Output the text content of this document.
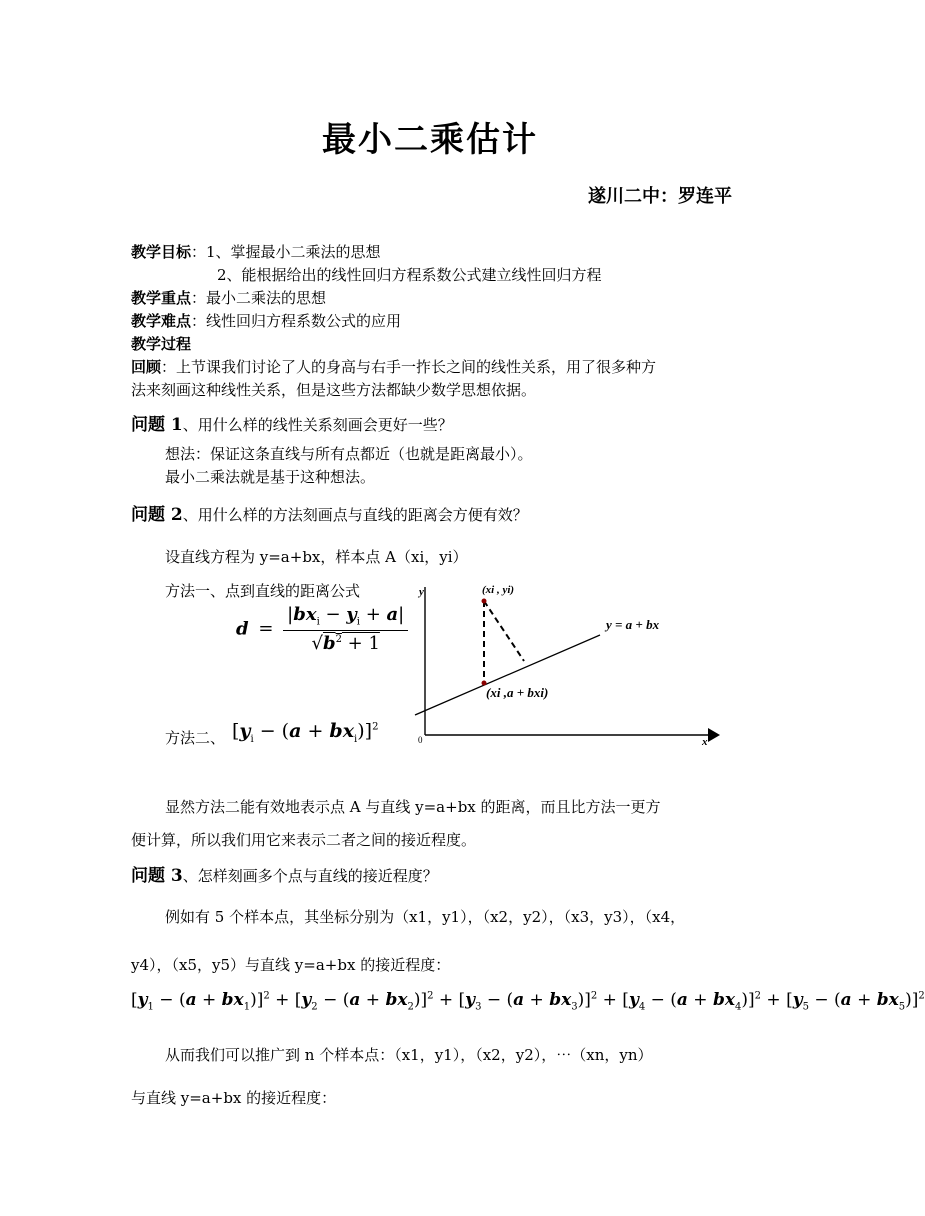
最小二乘估计
遂川二中：罗连平
教学目标：1、掌握最小二乘法的思想
2、能根据给出的线性回归方程系数公式建立线性回归方程
教学重点：最小二乘法的思想
教学难点：线性回归方程系数公式的应用
教学过程
回顾：上节课我们讨论了人的身高与右手一拃长之间的线性关系，用了很多种方
法来刻画这种线性关系，但是这些方法都缺少数学思想依据。
问题 1、用什么样的线性关系刻画会更好一些？
想法：保证这条直线与所有点都近（也就是距离最小）。
最小二乘法就是基于这种想法。
问题 2、用什么样的方法刻画点与直线的距离会方便有效？
设直线方程为 y=a+bx，样本点 A（xi，yi）
方法一、点到直线的距离公式
$d = \frac{|bx_i - y_i + a|}{√b^2 + 1}$
方法二、 $[y_i - (a + bx_i)]^2$
y
x
0
(xi , yi)
(xi ,a + bxi)
y = a + bx
显然方法二能有效地表示点 A 与直线 y=a+bx 的距离，而且比方法一更方
便计算，所以我们用它来表示二者之间的接近程度。
问题 3、怎样刻画多个点与直线的接近程度？
例如有 5 个样本点，其坐标分别为（x1，y1），（x2，y2），（x3，y3），（x4，
y4），（x5，y5）与直线 y=a+bx 的接近程度：
$[y_1 - (a + bx_1)]^2 + [y_2 - (a + bx_2)]^2 + [y_3 - (a + bx_3)]^2 + [y_4 - (a + bx_4)]^2 + [y_5 - (a + bx_5)]^2$
从而我们可以推广到 n 个样本点：（x1，y1），（x2，y2），⋯（xn，yn）
与直线 y=a+bx 的接近程度：
